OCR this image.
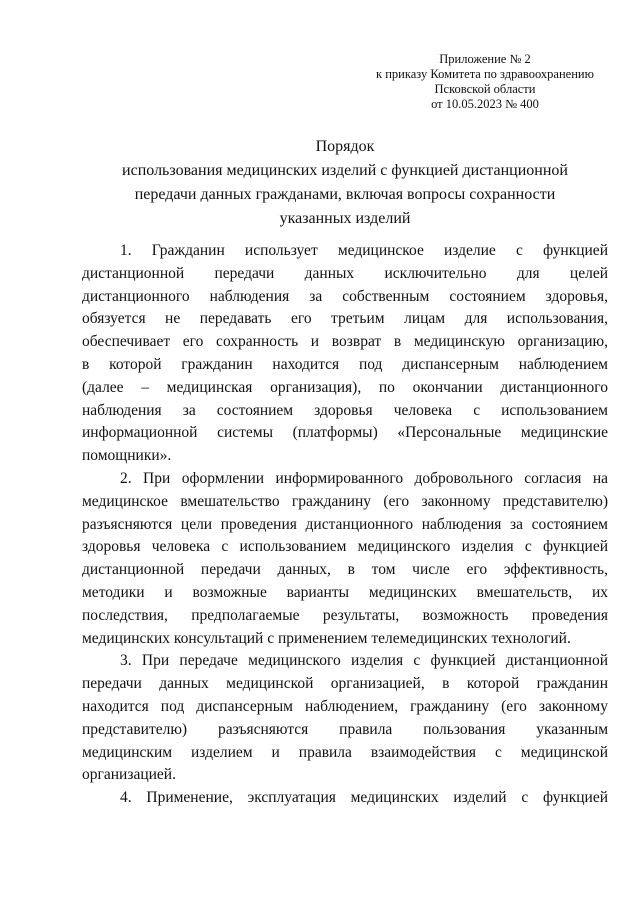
Приложение № 2
к приказу Комитета по здравоохранению
Псковской области
от 10.05.2023 № 400
Порядок
использования медицинских изделий с функцией дистанционной
передачи данных гражданами, включая вопросы сохранности
указанных изделий
1. Гражданин использует медицинское изделие с функцией
дистанционной передачи данных исключительно для целей
дистанционного наблюдения за собственным состоянием здоровья,
обязуется не передавать его третьим лицам для использования,
обеспечивает его сохранность и возврат в медицинскую организацию,
в которой гражданин находится под диспансерным наблюдением
(далее – медицинская организация), по окончании дистанционного
наблюдения за состоянием здоровья человека с использованием
информационной системы (платформы) «Персональные медицинские
помощники».
2. При оформлении информированного добровольного согласия на
медицинское вмешательство гражданину (его законному представителю)
разъясняются цели проведения дистанционного наблюдения за состоянием
здоровья человека с использованием медицинского изделия с функцией
дистанционной передачи данных, в том числе его эффективность,
методики и возможные варианты медицинских вмешательств, их
последствия, предполагаемые результаты, возможность проведения
медицинских консультаций с применением телемедицинских технологий.
3. При передаче медицинского изделия с функцией дистанционной
передачи данных медицинской организацией, в которой гражданин
находится под диспансерным наблюдением, гражданину (его законному
представителю) разъясняются правила пользования указанным
медицинским изделием и правила взаимодействия с медицинской
организацией.
4. Применение, эксплуатация медицинских изделий с функцией
